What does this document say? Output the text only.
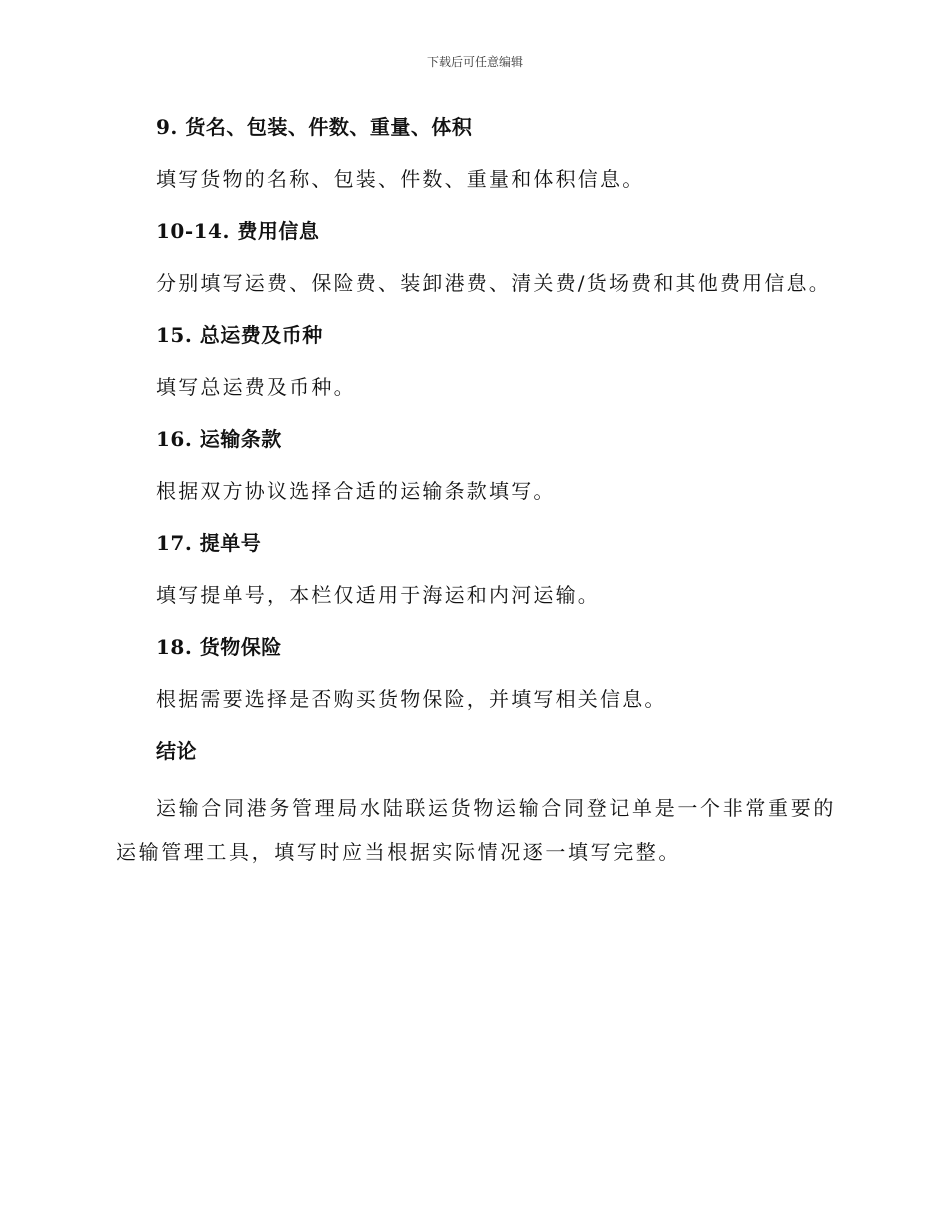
下载后可任意编辑
9. 货名、包装、件数、重量、体积

填写货物的名称、包装、件数、重量和体积信息。

10-14. 费用信息

分别填写运费、保险费、装卸港费、清关费/货场费和其他费用信息。

15. 总运费及币种

填写总运费及币种。

16. 运输条款

根据双方协议选择合适的运输条款填写。

17. 提单号

填写提单号，本栏仅适用于海运和内河运输。

18. 货物保险

根据需要选择是否购买货物保险，并填写相关信息。

结论

运输合同港务管理局水陆联运货物运输合同登记单是一个非常重要的运输管理工具，填写时应当根据实际情况逐一填写完整。
